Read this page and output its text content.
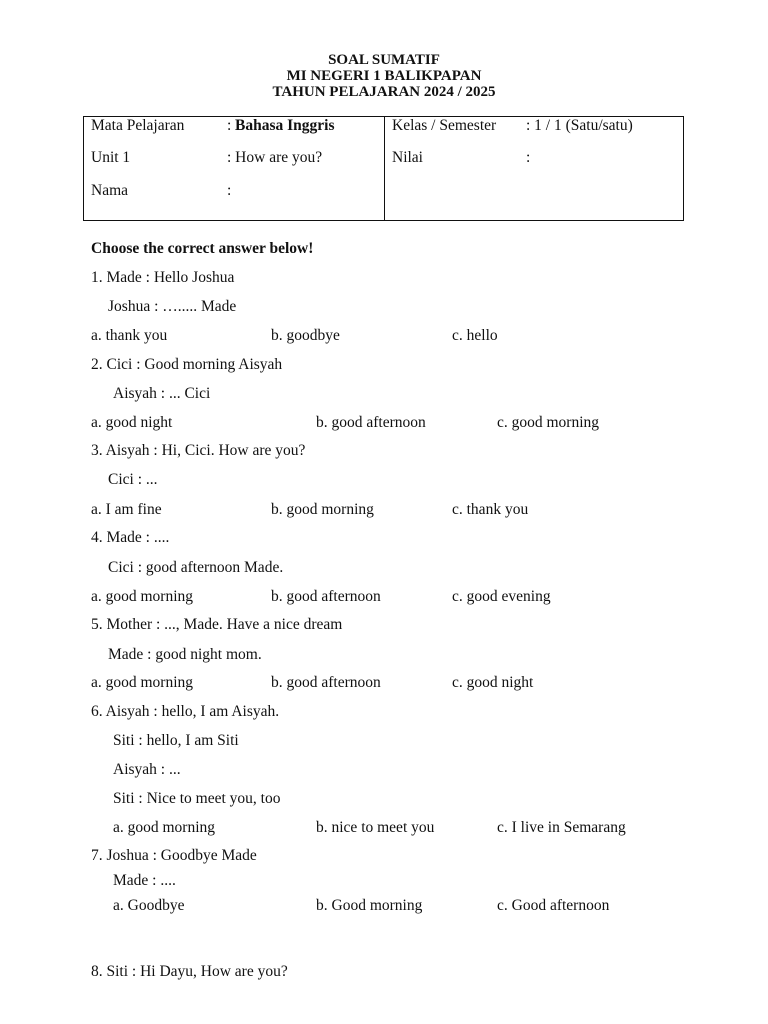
SOAL SUMATIF
MI NEGERI 1 BALIKPAPAN
TAHUN PELAJARAN 2024 / 2025
Mata Pelajaran	: Bahasa Inggris
Unit 1	: How are you?
Nama	:
Kelas / Semester : 1 / 1 (Satu/satu)
Nilai	:
Choose the correct answer below!
1. Made : Hello Joshua
Joshua : …..... Made
a. thank you	b. goodbye	c. hello
2. Cici : Good morning Aisyah
Aisyah : ... Cici
a. good night	b. good afternoon	c. good morning
3. Aisyah : Hi, Cici. How are you?
Cici : ...
a. I am fine	b. good morning	c. thank you
4. Made : ....
Cici : good afternoon Made.
a. good morning	b. good afternoon	c. good evening
5. Mother : ..., Made. Have a nice dream
Made : good night mom.
a. good morning	b. good afternoon	c. good night
6. Aisyah : hello, I am Aisyah.
Siti : hello, I am Siti
Aisyah : ...
Siti : Nice to meet you, too
a. good morning	b. nice to meet you	c. I live in Semarang
7. Joshua : Goodbye Made
Made : ....
a. Goodbye	b. Good morning	c. Good afternoon
8. Siti : Hi Dayu, How are you?
